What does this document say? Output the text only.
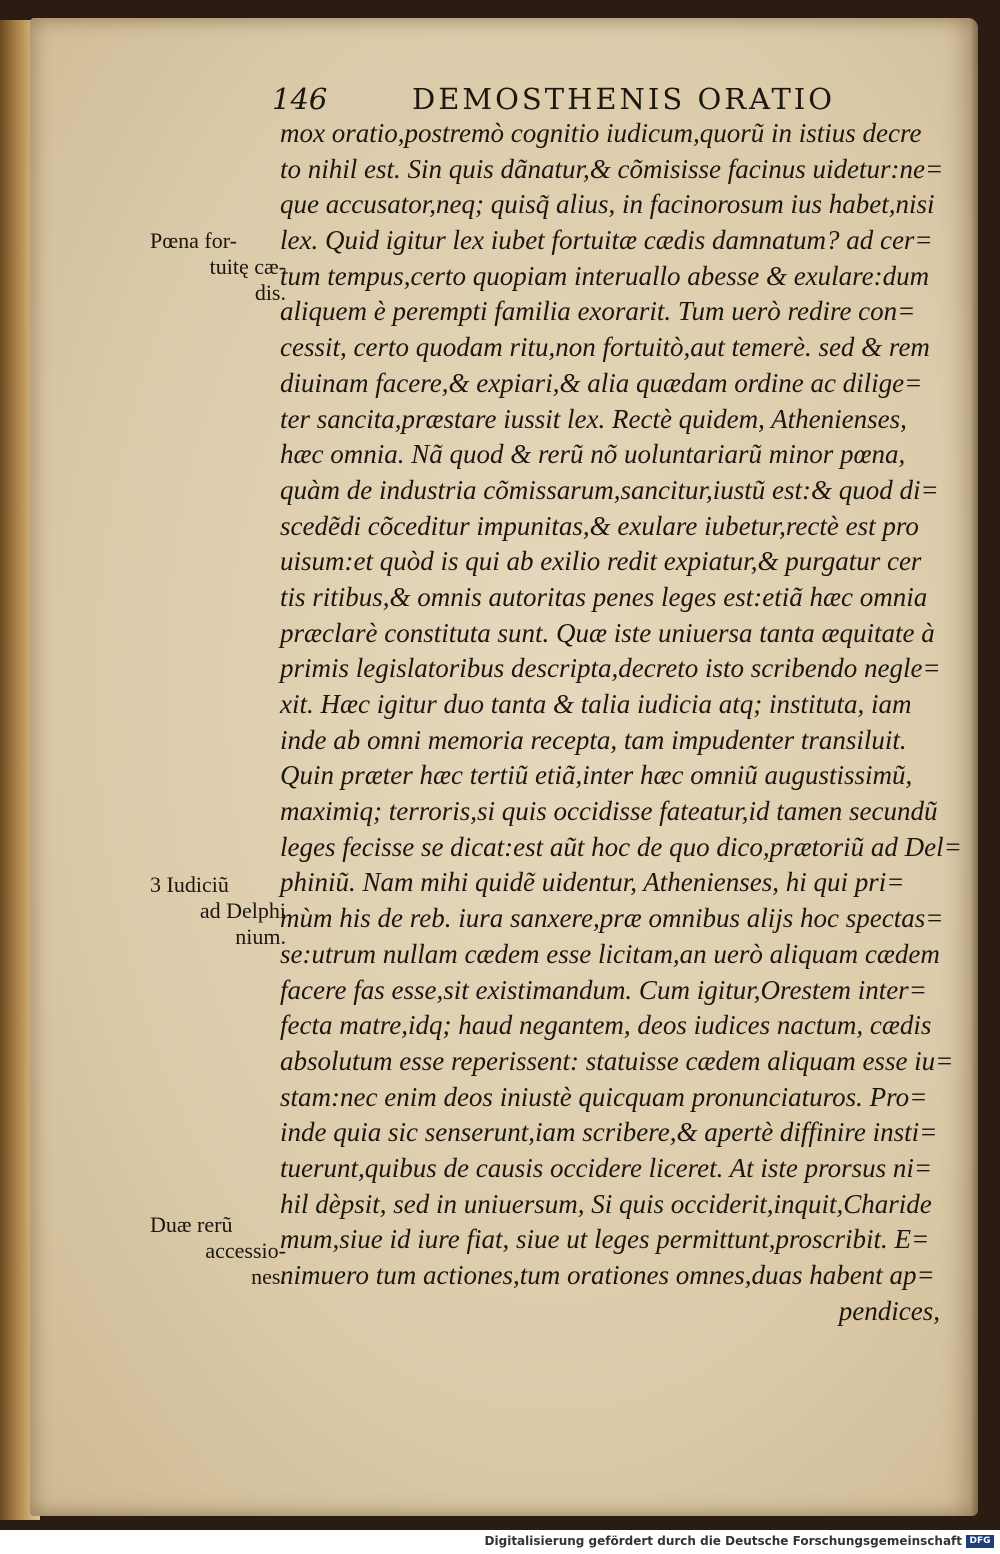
146	DEMOSTHENIS ORATIO
mox oratio,postremò cognitio iudicum,quorũ in istius decre
to nihil est. Sin quis dãnatur,& cõmisisse facinus uidetur:ne=
que accusator,neq; quisq̃ alius, in facinorosum ius habet,nisi
lex. Quid igitur lex iubet fortuitæ cædis damnatum? ad cer=
tum tempus,certo quopiam interuallo abesse & exulare:dum
aliquem è perempti familia exorarit. Tum uerò redire con=
cessit, certo quodam ritu,non fortuitò,aut temerè. sed & rem
diuinam facere,& expiari,& alia quædam ordine ac dilige=
ter sancita,præstare iussit lex. Rectè quidem, Athenienses,
hæc omnia. Nã quod & rerũ nõ uoluntariarũ minor pœna,
quàm de industria cõmissarum,sancitur,iustũ est:& quod di=
scedẽdi cõceditur impunitas,& exulare iubetur,rectè est pro
uisum:et quòd is qui ab exilio redit expiatur,& purgatur cer
tis ritibus,& omnis autoritas penes leges est:etiã hæc omnia
præclarè constituta sunt. Quæ iste uniuersa tanta æquitate à
primis legislatoribus descripta,decreto isto scribendo negle=
xit. Hæc igitur duo tanta & talia iudicia atq; instituta, iam
inde ab omni memoria recepta, tam impudenter transiluit.
Quin præter hæc tertiũ etiã,inter hæc omniũ augustissimũ,
maximiq; terroris,si quis occidisse fateatur,id tamen secundũ
leges fecisse se dicat:est aũt hoc de quo dico,prætoriũ ad Del=
phiniũ. Nam mihi quidẽ uidentur, Athenienses, hi qui pri=
mùm his de reb. iura sanxere,præ omnibus alijs hoc spectas=
se:utrum nullam cædem esse licitam,an uerò aliquam cædem
facere fas esse,sit existimandum. Cum igitur,Orestem inter=
fecta matre,idq; haud negantem, deos iudices nactum, cædis
absolutum esse reperissent: statuisse cædem aliquam esse iu=
stam:nec enim deos iniustè quicquam pronunciaturos. Pro=
inde quia sic senserunt,iam scribere,& apertè diffinire insti=
tuerunt,quibus de causis occidere liceret. At iste prorsus ni=
hil dèpsit, sed in uniuersum, Si quis occiderit,inquit,Charide
mum,siue id iure fiat, siue ut leges permittunt,proscribit. E=
nimuero tum actiones,tum orationes omnes,duas habent ap=
pendices,
Pœna for-
tuitę cæ-
dis.
3 Iudiciũ
ad Delphi
nium.
Duæ rerũ
accessio-
nes.
Digitalisierung gefördert durch die Deutsche Forschungsgemeinschaft DFG
